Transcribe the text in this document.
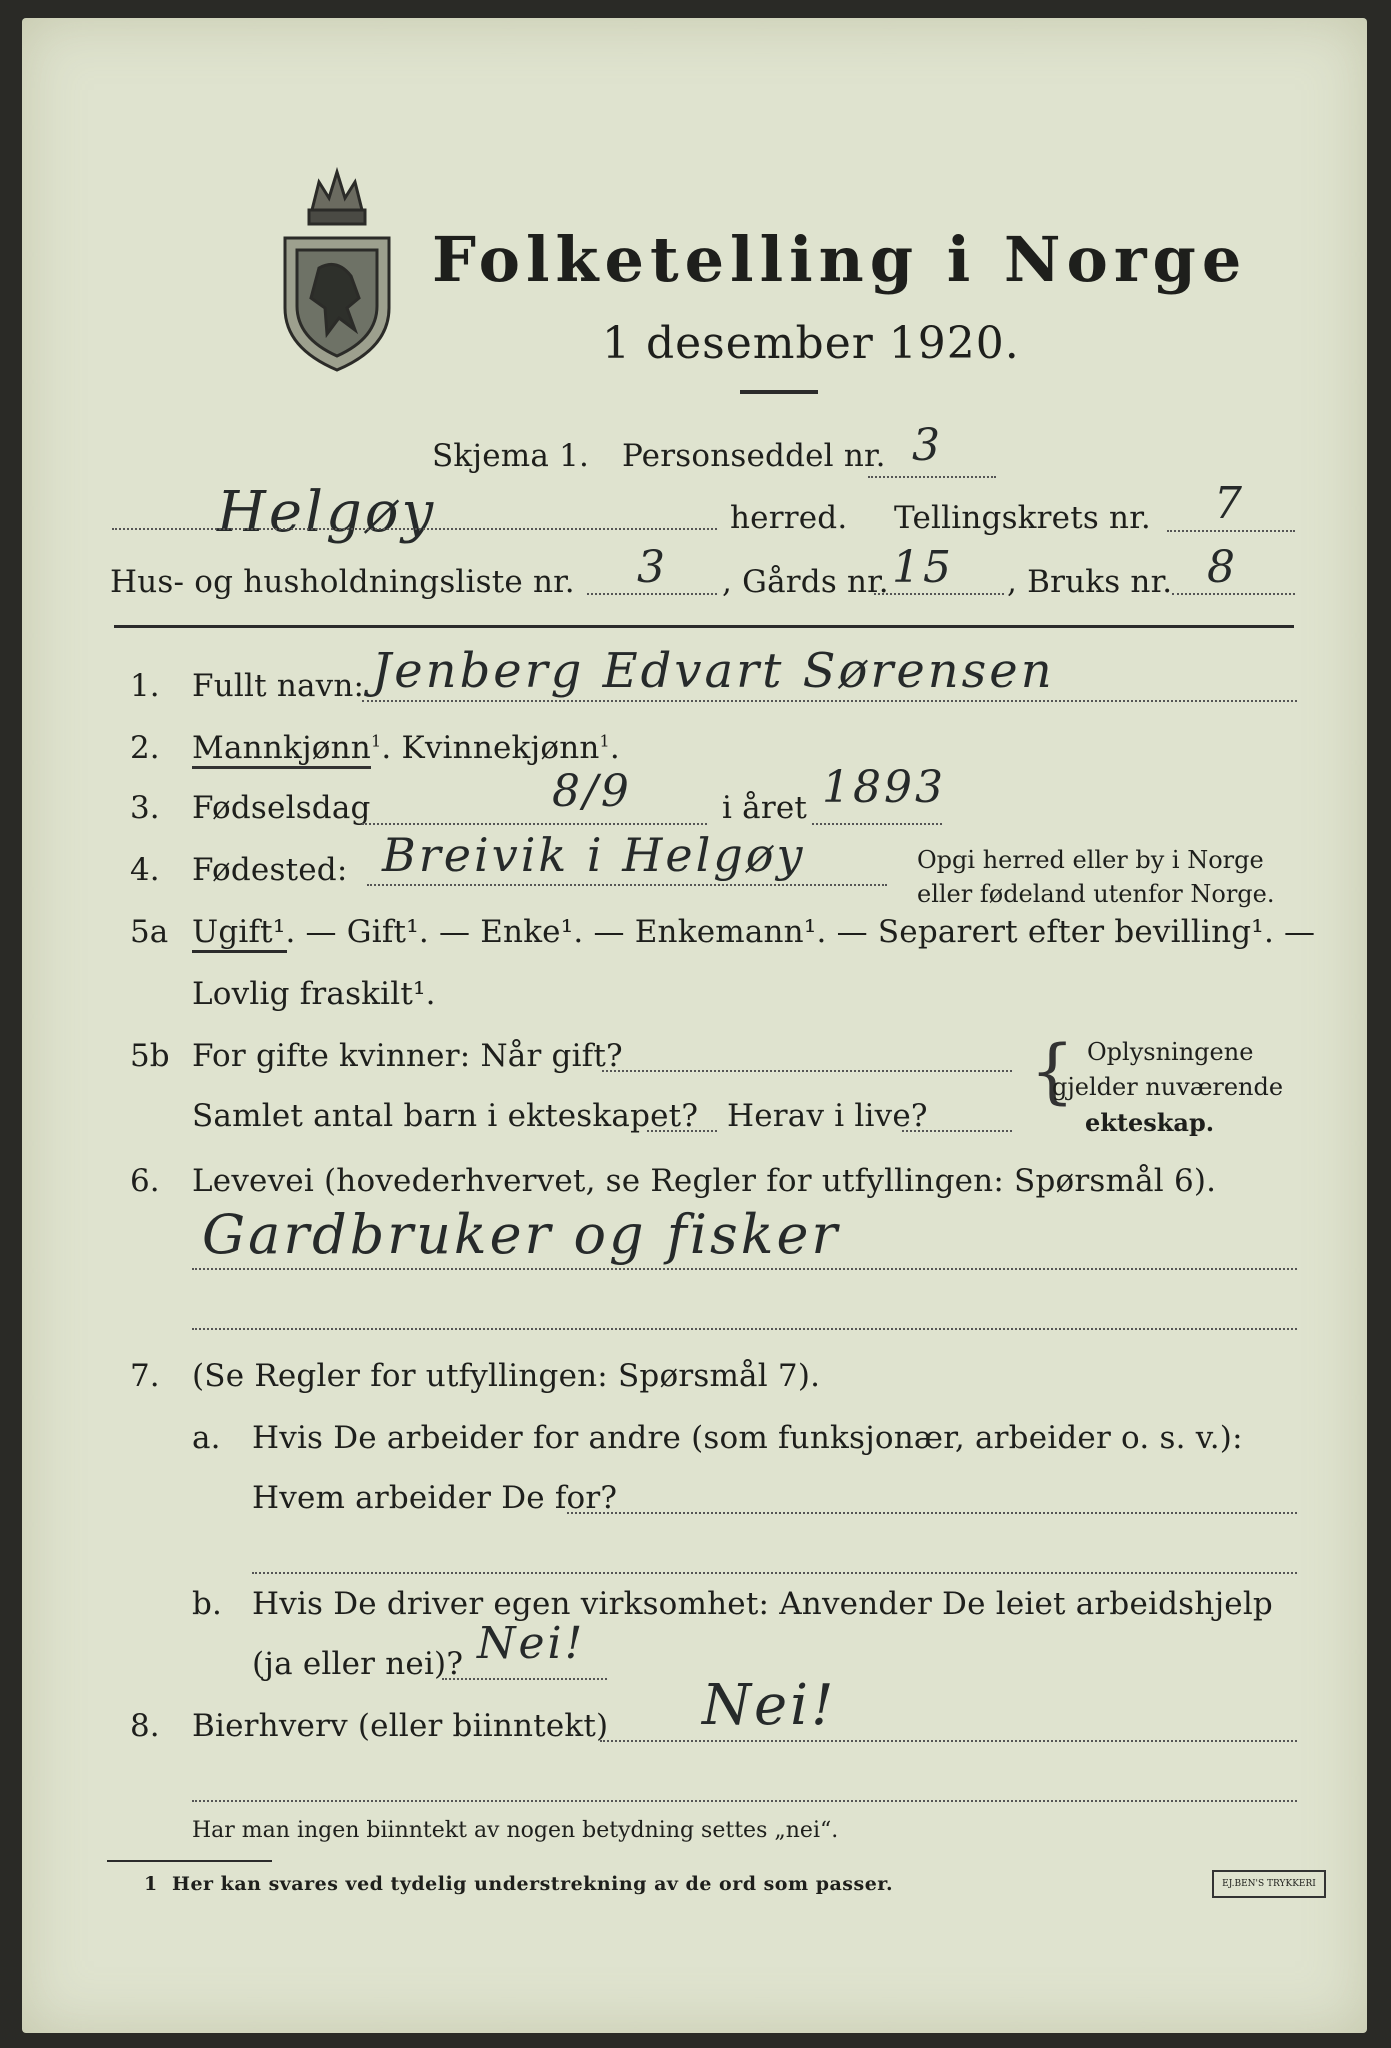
Folketelling i Norge
1 desember 1920.
Skjema 1. Personseddel nr. 3
Helgøy	herred. Tellingskrets nr. 7
Hus- og husholdningsliste nr. 3 , Gårds nr. 15 , Bruks nr. 8
1. Fullt navn: Jenberg Edvart Sørensen
2. Mannkjønn$^1$. Kvinnekjønn$^1$.
3. Fødselsdag	8/9	i året 1893
4. Fødested: Breivik i Helgøy	Opgi herred eller by i Norge
eller fødeland utenfor Norge.
5a Ugift¹. — Gift¹. — Enke¹. — Enkemann¹. — Separert efter bevilling¹. —
Lovlig fraskilt¹.
5b For gifte kvinner: Når gift?
Samlet antal barn i ekteskapet? Herav i live?
{ Oplysningene
gjelder nuværende
ekteskap.
6. Levevei (hovederhvervet, se Regler for utfyllingen: Spørsmål 6).
Gardbruker og fisker
7. (Se Regler for utfyllingen: Spørsmål 7).
a. Hvis De arbeider for andre (som funksjonær, arbeider o. s. v.):
Hvem arbeider De for?
b. Hvis De driver egen virksomhet: Anvender De leiet arbeidshjelp
(ja eller nei)? Nei!
8. Bierhverv (eller biinntekt) Nei!
Har man ingen biinntekt av nogen betydning settes „nei“.
1 Her kan svares ved tydelig understrekning av de ord som passer.	EJ.BEN'S TRYKKERI
